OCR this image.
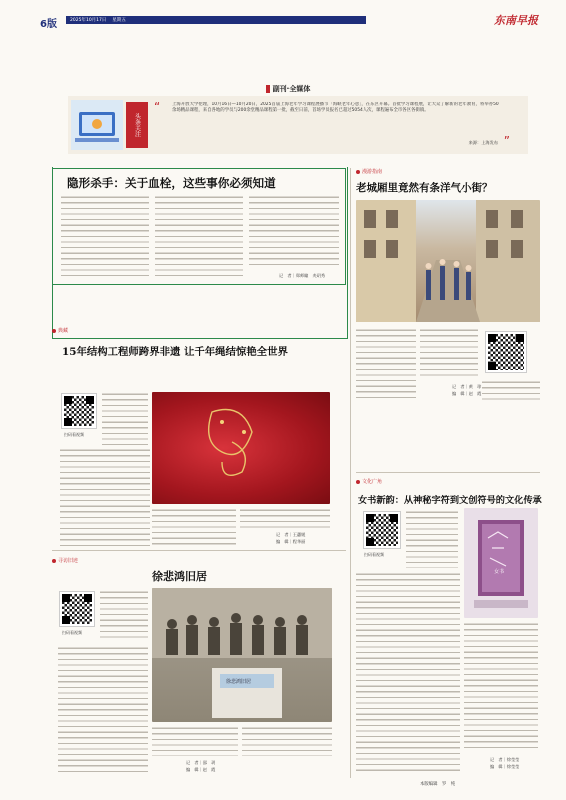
6版	2025年10月17日 星期五	东南早报
副刊·全媒体
头条关注
“	上海开放大学伦理，10月16日—10月20日，2025首届上海老年学习课程展播节「海峡老年心意」，在东区开幕。首批学习课程展，让大众了解新的老年教育，将举办50余场精品课程，来自各地的学员与200余堂精品课程第一批，截至日前，首场学员报名已超过5054人次，课程遍布全市各区各街镇。
来源：上海发布 ”
隐形杀手：关于血栓，这些事你必须知道
记　者｜郑师瞳　麦玥秀
漫游指南
老城厢里竟然有条洋气小街？
记　者｜黄　琼
编　辑｜赵　霞
典藏
15年结构工程师跨界非遗 让千年绳结惊艳全世界
扫码看视频
记　者｜王蕙媛
编　辑｜程华丽
文化广角
女书新韵：从神秘字符到文创符号的文化传承
扫码看视频
女书
记　者｜徐莹莹
编　辑｜徐莹莹
本版编辑　罗　纯
寻访旧迹
徐悲鸿旧居
扫码看视频
徐悲鸿旧居
记　者｜邵　玥
编　辑｜赵　霞
